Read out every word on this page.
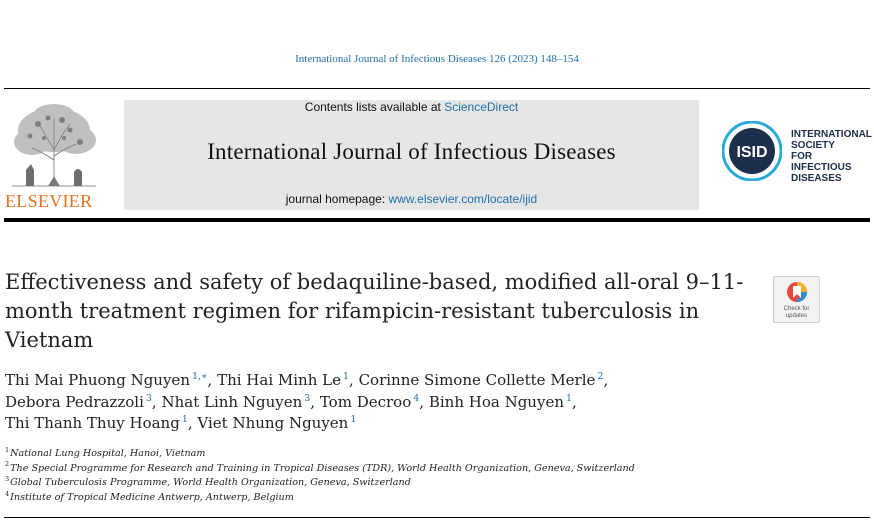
International Journal of Infectious Diseases 126 (2023) 148–154
ELSEVIER
Contents lists available at ScienceDirect
International Journal of Infectious Diseases
journal homepage: www.elsevier.com/locate/ijid
ISID
INTERNATIONAL
SOCIETY
FOR INFECTIOUS
DISEASES
Effectiveness and safety of bedaquiline-based, modified all-oral 9–11-month treatment regimen for rifampicin-resistant tuberculosis in Vietnam
Check for updates
Thi Mai Phuong Nguyen $^{1,∗}$, Thi Hai Minh Le $^1$, Corinne Simone Collette Merle $^2$,
Debora Pedrazzoli $^3$, Nhat Linh Nguyen $^3$, Tom Decroo $^4$, Binh Hoa Nguyen $^1$,
Thi Thanh Thuy Hoang $^1$, Viet Nhung Nguyen $^1$
$^1$National Lung Hospital, Hanoi, Vietnam
$^2$The Special Programme for Research and Training in Tropical Diseases (TDR), World Health Organization, Geneva, Switzerland
$^3$Global Tuberculosis Programme, World Health Organization, Geneva, Switzerland
$^4$Institute of Tropical Medicine Antwerp, Antwerp, Belgium
